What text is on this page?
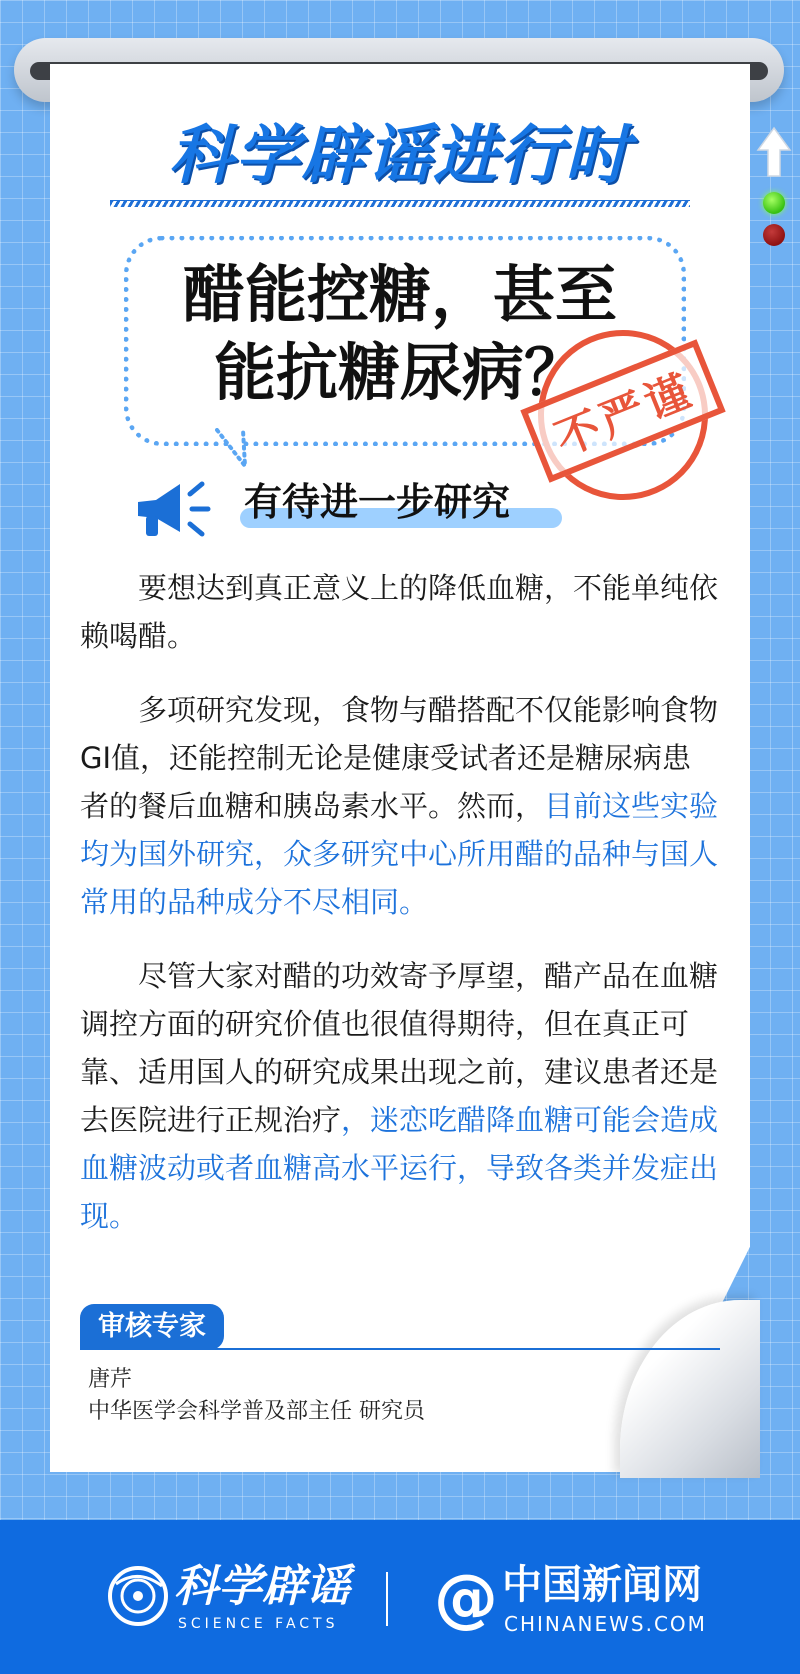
科学辟谣进行时
醋能控糖，甚至
能抗糖尿病？
不严谨
有待进一步研究

要想达到真正意义上的降低血糖，不能单纯依赖喝醋。

多项研究发现，食物与醋搭配不仅能影响食物GI值，还能控制无论是健康受试者还是糖尿病患者的餐后血糖和胰岛素水平。然而，目前这些实验均为国外研究，众多研究中心所用醋的品种与国人常用的品种成分不尽相同。

尽管大家对醋的功效寄予厚望，醋产品在血糖调控方面的研究价值也很值得期待，但在真正可靠、适用国人的研究成果出现之前，建议患者还是去医院进行正规治疗，迷恋吃醋降血糖可能会造成血糖波动或者血糖高水平运行，导致各类并发症出现。

审核专家
唐芹
中华医学会科学普及部主任 研究员
科学辟谣
SCIENCE FACTS @ 中国新闻网
CHINANEWS.COM
